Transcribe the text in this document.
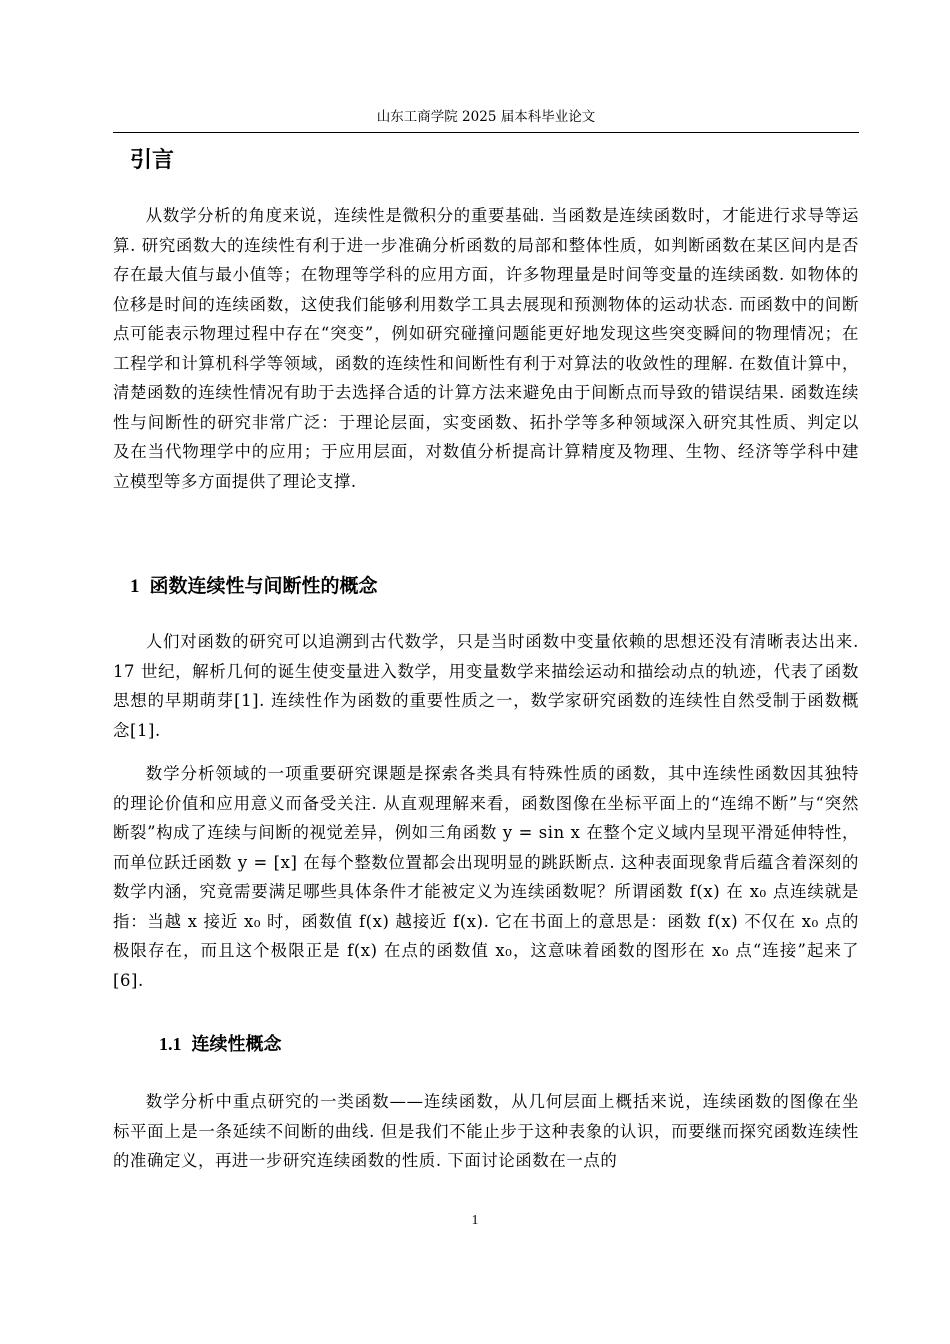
山东工商学院 2025 届本科毕业论文
引言

从数学分析的角度来说，连续性是微积分的重要基础. 当函数是连续函数时，才能进行求导等运算. 研究函数大的连续性有利于进一步准确分析函数的局部和整体性质，如判断函数在某区间内是否存在最大值与最小值等；在物理等学科的应用方面，许多物理量是时间等变量的连续函数. 如物体的位移是时间的连续函数，这使我们能够利用数学工具去展现和预测物体的运动状态. 而函数中的间断点可能表示物理过程中存在“突变”，例如研究碰撞问题能更好地发现这些突变瞬间的物理情况；在工程学和计算机科学等领域，函数的连续性和间断性有利于对算法的收敛性的理解. 在数值计算中，清楚函数的连续性情况有助于去选择合适的计算方法来避免由于间断点而导致的错误结果. 函数连续性与间断性的研究非常广泛：于理论层面，实变函数、拓扑学等多种领域深入研究其性质、判定以及在当代物理学中的应用；于应用层面，对数值分析提高计算精度及物理、生物、经济等学科中建立模型等多方面提供了理论支撑.

1 函数连续性与间断性的概念

人们对函数的研究可以追溯到古代数学，只是当时函数中变量依赖的思想还没有清晰表达出来. 17 世纪，解析几何的诞生使变量进入数学，用变量数学来描绘运动和描绘动点的轨迹，代表了函数思想的早期萌芽[1]. 连续性作为函数的重要性质之一，数学家研究函数的连续性自然受制于函数概念[1].

数学分析领域的一项重要研究课题是探索各类具有特殊性质的函数，其中连续性函数因其独特的理论价值和应用意义而备受关注. 从直观理解来看，函数图像在坐标平面上的“连绵不断”与“突然断裂”构成了连续与间断的视觉差异，例如三角函数 y = sin x 在整个定义域内呈现平滑延伸特性，而单位跃迁函数 y = [x] 在每个整数位置都会出现明显的跳跃断点. 这种表面现象背后蕴含着深刻的数学内涵，究竟需要满足哪些具体条件才能被定义为连续函数呢？所谓函数 f(x) 在 x₀ 点连续就是指：当越 x 接近 x₀ 时，函数值 f(x) 越接近 f(x). 它在书面上的意思是：函数 f(x) 不仅在 x₀ 点的极限存在，而且这个极限正是 f(x) 在点的函数值 x₀，这意味着函数的图形在 x₀ 点“连接”起来了[6].

1.1 连续性概念

数学分析中重点研究的一类函数——连续函数，从几何层面上概括来说，连续函数的图像在坐标平面上是一条延续不间断的曲线. 但是我们不能止步于这种表象的认识，而要继而探究函数连续性的准确定义，再进一步研究连续函数的性质. 下面讨论函数在一点的

1
